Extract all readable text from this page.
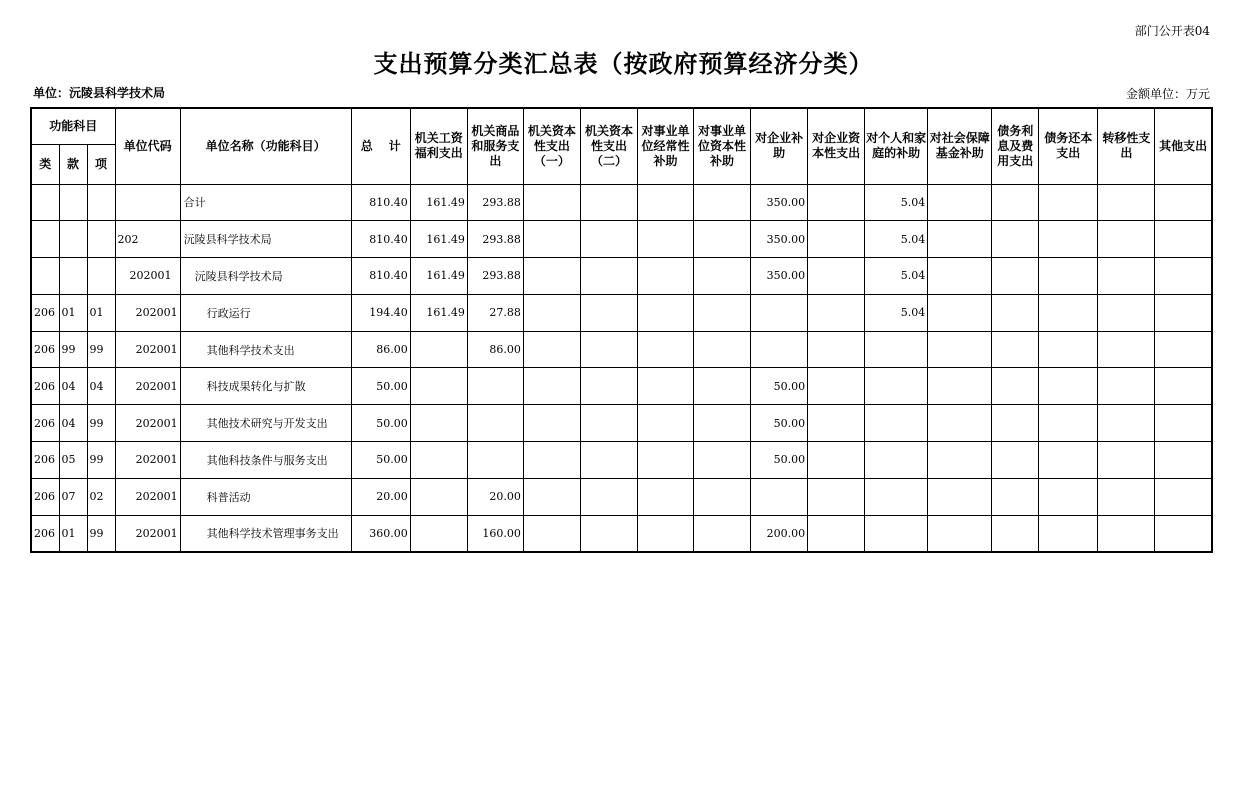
部门公开表04
支出预算分类汇总表（按政府预算经济分类）
单位：沅陵县科学技术局	金额单位：万元
功能科目			单位代码	单位名称（功能科目）	总 计	机关工资福利支出	机关商品和服务支出	机关资本性支出（一）	机关资本性支出（二）	对事业单位经常性补助	对事业单位资本性补助	对企业补助	对企业资本性支出	对个人和家庭的补助	对社会保障基金补助	债务利息及费用支出	债务还本支出	转移性支出	其他支出
类	款	项																	
				合计	810.40	161.49	293.88					350.00		5.04					
			202	沅陵县科学技术局	810.40	161.49	293.88					350.00		5.04					
			202001	沅陵县科学技术局	810.40	161.49	293.88					350.00		5.04					
206	01	01	202001	行政运行	194.40	161.49	27.88							5.04					
206	99	99	202001	其他科学技术支出	86.00		86.00												
206	04	04	202001	科技成果转化与扩散	50.00							50.00							
206	04	99	202001	其他技术研究与开发支出	50.00							50.00							
206	05	99	202001	其他科技条件与服务支出	50.00							50.00							
206	07	02	202001	科普活动	20.00		20.00												
206	01	99	202001	其他科学技术管理事务支出	360.00		160.00					200.00							
